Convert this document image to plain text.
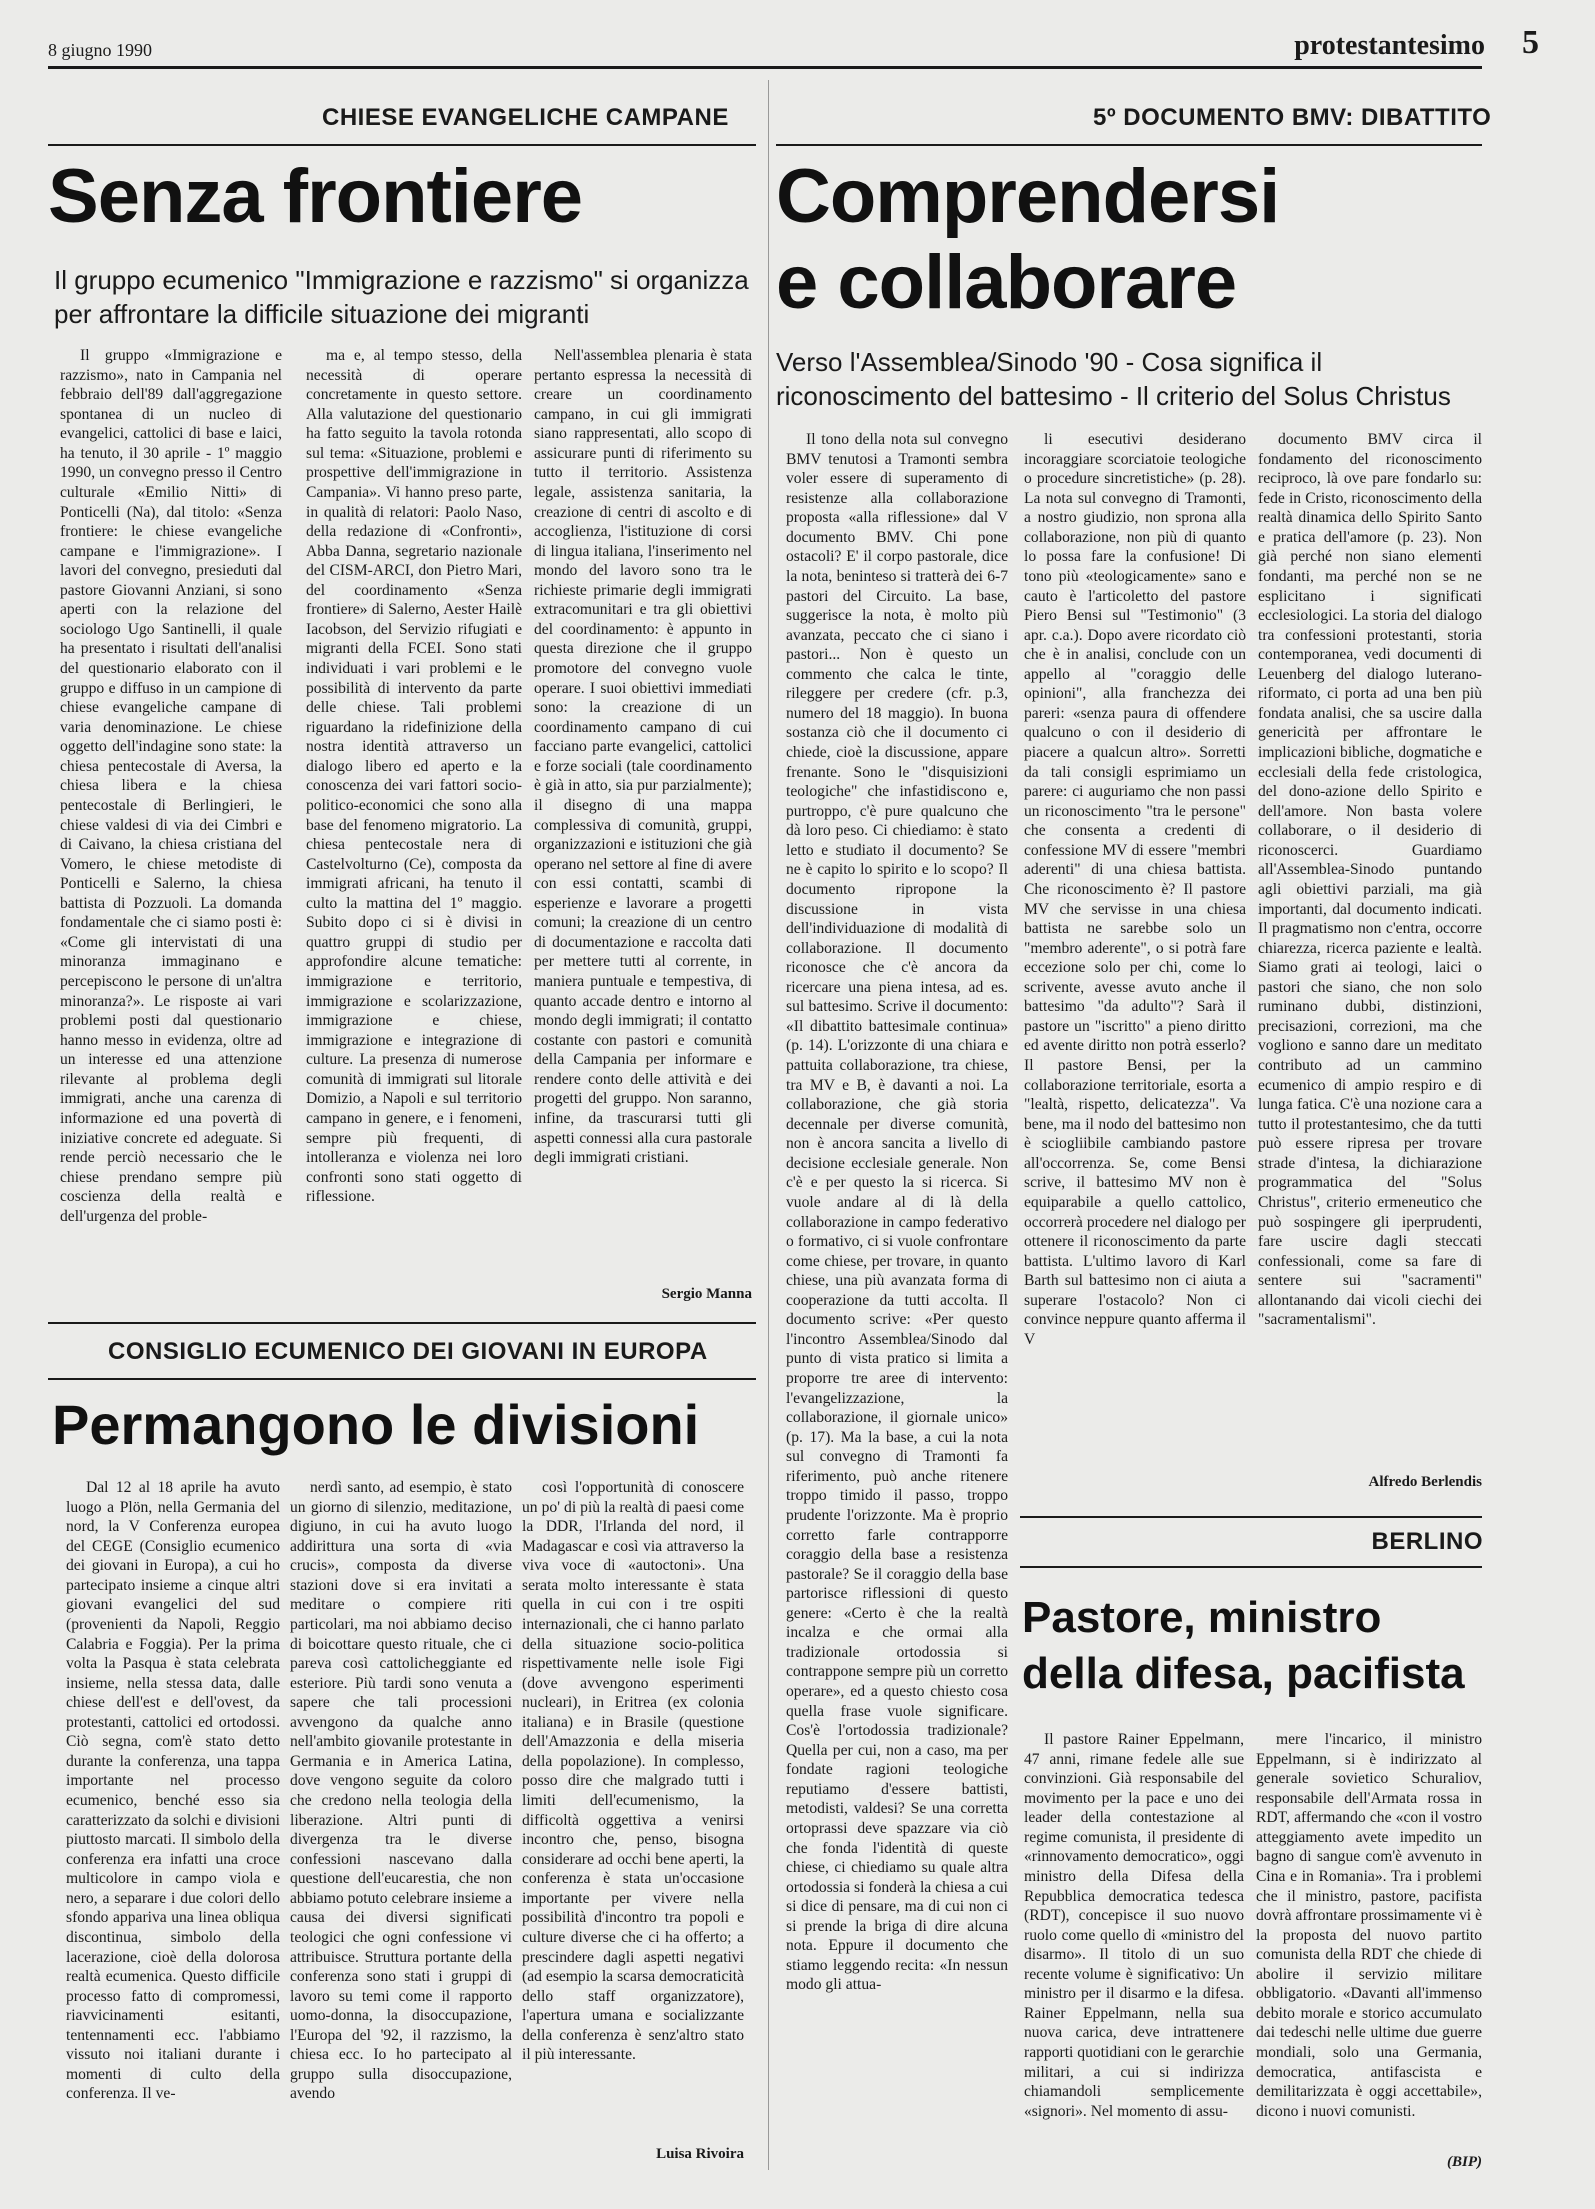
8 giugno 1990	protestantesimo 5
CHIESE EVANGELICHE CAMPANE
Senza frontiere
Il gruppo ecumenico "Immigrazione e razzismo" si organizza per affrontare la difficile situazione dei migranti

Il gruppo «Immigrazione e razzismo», nato in Campania nel febbraio dell'89 dall'aggregazione spontanea di un nucleo di evangelici, cattolici di base e laici, ha tenuto, il 30 aprile - 1º maggio 1990, un convegno presso il Centro culturale «Emilio Nitti» di Ponticelli (Na), dal titolo: «Senza frontiere: le chiese evangeliche campane e l'immigrazione». I lavori del convegno, presieduti dal pastore Giovanni Anziani, si sono aperti con la relazione del sociologo Ugo Santinelli, il quale ha presentato i risultati dell'analisi del questionario elaborato con il gruppo e diffuso in un campione di chiese evangeliche campane di varia denominazione. Le chiese oggetto dell'indagine sono state: la chiesa pentecostale di Aversa, la chiesa libera e la chiesa pentecostale di Berlingieri, le chiese valdesi di via dei Cimbri e di Caivano, la chiesa cristiana del Vomero, le chiese metodiste di Ponticelli e Salerno, la chiesa battista di Pozzuoli. La domanda fondamentale che ci siamo posti è: «Come gli intervistati di una minoranza immaginano e percepiscono le persone di un'altra minoranza?». Le risposte ai vari problemi posti dal questionario hanno messo in evidenza, oltre ad un interesse ed una attenzione rilevante al problema degli immigrati, anche una carenza di informazione ed una povertà di iniziative concrete ed adeguate. Si rende perciò necessario che le chiese prendano sempre più coscienza della realtà e dell'urgenza del proble-

ma e, al tempo stesso, della necessità di operare concretamente in questo settore. Alla valutazione del questionario ha fatto seguito la tavola rotonda sul tema: «Situazione, problemi e prospettive dell'immigrazione in Campania». Vi hanno preso parte, in qualità di relatori: Paolo Naso, della redazione di «Confronti», Abba Danna, segretario nazionale del CISM-ARCI, don Pietro Mari, del coordinamento «Senza frontiere» di Salerno, Aester Hailè Iacobson, del Servizio rifugiati e migranti della FCEI. Sono stati individuati i vari problemi e le possibilità di intervento da parte delle chiese. Tali problemi riguardano la ridefinizione della nostra identità attraverso un dialogo libero ed aperto e la conoscenza dei vari fattori socio-politico-economici che sono alla base del fenomeno migratorio. La chiesa pentecostale nera di Castelvolturno (Ce), composta da immigrati africani, ha tenuto il culto la mattina del 1º maggio. Subito dopo ci si è divisi in quattro gruppi di studio per approfondire alcune tematiche: immigrazione e territorio, immigrazione e scolarizzazione, immigrazione e chiese, immigrazione e integrazione di culture. La presenza di numerose comunità di immigrati sul litorale Domizio, a Napoli e sul territorio campano in genere, e i fenomeni, sempre più frequenti, di intolleranza e violenza nei loro confronti sono stati oggetto di riflessione.

Nell'assemblea plenaria è stata pertanto espressa la necessità di creare un coordinamento campano, in cui gli immigrati siano rappresentati, allo scopo di assicurare punti di riferimento su tutto il territorio. Assistenza legale, assistenza sanitaria, la creazione di centri di ascolto e di accoglienza, l'istituzione di corsi di lingua italiana, l'inserimento nel mondo del lavoro sono tra le richieste primarie degli immigrati extracomunitari e tra gli obiettivi del coordinamento: è appunto in questa direzione che il gruppo promotore del convegno vuole operare. I suoi obiettivi immediati sono: la creazione di un coordinamento campano di cui facciano parte evangelici, cattolici e forze sociali (tale coordinamento è già in atto, sia pur parzialmente); il disegno di una mappa complessiva di comunità, gruppi, organizzazioni e istituzioni che già operano nel settore al fine di avere con essi contatti, scambi di esperienze e lavorare a progetti comuni; la creazione di un centro di documentazione e raccolta dati per mettere tutti al corrente, in maniera puntuale e tempestiva, di quanto accade dentro e intorno al mondo degli immigrati; il contatto costante con pastori e comunità della Campania per informare e rendere conto delle attività e dei progetti del gruppo. Non saranno, infine, da trascurarsi tutti gli aspetti connessi alla cura pastorale degli immigrati cristiani.

Sergio Manna
CONSIGLIO ECUMENICO DEI GIOVANI IN EUROPA
Permangono le divisioni

Dal 12 al 18 aprile ha avuto luogo a Plön, nella Germania del nord, la V Conferenza europea del CEGE (Consiglio ecumenico dei giovani in Europa), a cui ho partecipato insieme a cinque altri giovani evangelici del sud (provenienti da Napoli, Reggio Calabria e Foggia). Per la prima volta la Pasqua è stata celebrata insieme, nella stessa data, dalle chiese dell'est e dell'ovest, da protestanti, cattolici ed ortodossi. Ciò segna, com'è stato detto durante la conferenza, una tappa importante nel processo ecumenico, benché esso sia caratterizzato da solchi e divisioni piuttosto marcati. Il simbolo della conferenza era infatti una croce multicolore in campo viola e nero, a separare i due colori dello sfondo appariva una linea obliqua discontinua, simbolo della lacerazione, cioè della dolorosa realtà ecumenica. Questo difficile processo fatto di compromessi, riavvicinamenti esitanti, tentennamenti ecc. l'abbiamo vissuto noi italiani durante i momenti di culto della conferenza. Il ve-

nerdì santo, ad esempio, è stato un giorno di silenzio, meditazione, digiuno, in cui ha avuto luogo addirittura una sorta di «via crucis», composta da diverse stazioni dove si era invitati a meditare o compiere riti particolari, ma noi abbiamo deciso di boicottare questo rituale, che ci pareva così cattolicheggiante ed esteriore. Più tardi sono venuta a sapere che tali processioni avvengono da qualche anno nell'ambito giovanile protestante in Germania e in America Latina, dove vengono seguite da coloro che credono nella teologia della liberazione. Altri punti di divergenza tra le diverse confessioni nascevano dalla questione dell'eucarestia, che non abbiamo potuto celebrare insieme a causa dei diversi significati teologici che ogni confessione vi attribuisce. Struttura portante della conferenza sono stati i gruppi di lavoro su temi come il rapporto uomo-donna, la disoccupazione, l'Europa del '92, il razzismo, la chiesa ecc. Io ho partecipato al gruppo sulla disoccupazione, avendo

così l'opportunità di conoscere un po' di più la realtà di paesi come la DDR, l'Irlanda del nord, il Madagascar e così via attraverso la viva voce di «autoctoni». Una serata molto interessante è stata quella in cui con i tre ospiti internazionali, che ci hanno parlato della situazione socio-politica rispettivamente nelle isole Figi (dove avvengono esperimenti nucleari), in Eritrea (ex colonia italiana) e in Brasile (questione dell'Amazzonia e della miseria della popolazione). In complesso, posso dire che malgrado tutti i limiti dell'ecumenismo, la difficoltà oggettiva a venirsi incontro che, penso, bisogna considerare ad occhi bene aperti, la conferenza è stata un'occasione importante per vivere nella possibilità d'incontro tra popoli e culture diverse che ci ha offerto; a prescindere dagli aspetti negativi (ad esempio la scarsa democraticità dello staff organizzatore), l'apertura umana e socializzante della conferenza è senz'altro stato il più interessante.

Luisa Rivoira
5º DOCUMENTO BMV: DIBATTITO
Comprendersi
e collaborare
Verso l'Assemblea/Sinodo '90 - Cosa significa il riconoscimento del battesimo - Il criterio del Solus Christus

Il tono della nota sul convegno BMV tenutosi a Tramonti sembra voler essere di superamento di resistenze alla collaborazione proposta «alla riflessione» dal V documento BMV. Chi pone ostacoli? E' il corpo pastorale, dice la nota, beninteso si tratterà dei 6-7 pastori del Circuito. La base, suggerisce la nota, è molto più avanzata, peccato che ci siano i pastori... Non è questo un commento che calca le tinte, rileggere per credere (cfr. p.3, numero del 18 maggio). In buona sostanza ciò che il documento ci chiede, cioè la discussione, appare frenante. Sono le "disquisizioni teologiche" che infastidiscono e, purtroppo, c'è pure qualcuno che dà loro peso. Ci chiediamo: è stato letto e studiato il documento? Se ne è capito lo spirito e lo scopo? Il documento ripropone la discussione in vista dell'individuazione di modalità di collaborazione. Il documento riconosce che c'è ancora da ricercare una piena intesa, ad es. sul battesimo. Scrive il documento: «Il dibattito battesimale continua» (p. 14). L'orizzonte di una chiara e pattuita collaborazione, tra chiese, tra MV e B, è davanti a noi. La collaborazione, che già storia decennale per diverse comunità, non è ancora sancita a livello di decisione ecclesiale generale. Non c'è e per questo la si ricerca. Si vuole andare al di là della collaborazione in campo federativo o formativo, ci si vuole confrontare come chiese, per trovare, in quanto chiese, una più avanzata forma di cooperazione da tutti accolta. Il documento scrive: «Per questo l'incontro Assemblea/Sinodo dal punto di vista pratico si limita a proporre tre aree di intervento: l'evangelizzazione, la collaborazione, il giornale unico» (p. 17). Ma la base, a cui la nota sul convegno di Tramonti fa riferimento, può anche ritenere troppo timido il passo, troppo prudente l'orizzonte. Ma è proprio corretto farle contrapporre coraggio della base a resistenza pastorale? Se il coraggio della base partorisce riflessioni di questo genere: «Certo è che la realtà incalza e che ormai alla tradizionale ortodossia si contrappone sempre più un corretto operare», ed a questo chiesto cosa quella frase vuole significare. Cos'è l'ortodossia tradizionale? Quella per cui, non a caso, ma per fondate ragioni teologiche reputiamo d'essere battisti, metodisti, valdesi? Se una corretta ortoprassi deve spazzare via ciò che fonda l'identità di queste chiese, ci chiediamo su quale altra ortodossia si fonderà la chiesa a cui si dice di pensare, ma di cui non ci si prende la briga di dire alcuna nota. Eppure il documento che stiamo leggendo recita: «In nessun modo gli attua-

li esecutivi desiderano incoraggiare scorciatoie teologiche o procedure sincretistiche» (p. 28). La nota sul convegno di Tramonti, a nostro giudizio, non sprona alla collaborazione, non più di quanto lo possa fare la confusione! Di tono più «teologicamente» sano e cauto è l'articoletto del pastore Piero Bensi sul "Testimonio" (3 apr. c.a.). Dopo avere ricordato ciò che è in analisi, conclude con un appello al "coraggio delle opinioni", alla franchezza dei pareri: «senza paura di offendere qualcuno o con il desiderio di piacere a qualcun altro». Sorretti da tali consigli esprimiamo un parere: ci auguriamo che non passi un riconoscimento "tra le persone" che consenta a credenti di confessione MV di essere "membri aderenti" di una chiesa battista. Che riconoscimento è? Il pastore MV che servisse in una chiesa battista ne sarebbe solo un "membro aderente", o si potrà fare eccezione solo per chi, come lo scrivente, avesse avuto anche il battesimo "da adulto"? Sarà il pastore un "iscritto" a pieno diritto ed avente diritto non potrà esserlo? Il pastore Bensi, per la collaborazione territoriale, esorta a "lealtà, rispetto, delicatezza". Va bene, ma il nodo del battesimo non è sciogliibile cambiando pastore all'occorrenza. Se, come Bensi scrive, il battesimo MV non è equiparabile a quello cattolico, occorrerà procedere nel dialogo per ottenere il riconoscimento da parte battista. L'ultimo lavoro di Karl Barth sul battesimo non ci aiuta a superare l'ostacolo? Non ci convince neppure quanto afferma il V

documento BMV circa il fondamento del riconoscimento reciproco, là ove pare fondarlo su: fede in Cristo, riconoscimento della realtà dinamica dello Spirito Santo e pratica dell'amore (p. 23). Non già perché non siano elementi fondanti, ma perché non se ne esplicitano i significati ecclesiologici. La storia del dialogo tra confessioni protestanti, storia contemporanea, vedi documenti di Leuenberg del dialogo luterano-riformato, ci porta ad una ben più fondata analisi, che sa uscire dalla genericità per affrontare le implicazioni bibliche, dogmatiche e ecclesiali della fede cristologica, del dono-azione dello Spirito e dell'amore. Non basta volere collaborare, o il desiderio di riconoscerci. Guardiamo all'Assemblea-Sinodo puntando agli obiettivi parziali, ma già importanti, dal documento indicati. Il pragmatismo non c'entra, occorre chiarezza, ricerca paziente e lealtà. Siamo grati ai teologi, laici o pastori che siano, che non solo ruminano dubbi, distinzioni, precisazioni, correzioni, ma che vogliono e sanno dare un meditato contributo ad un cammino ecumenico di ampio respiro e di lunga fatica. C'è una nozione cara a tutto il protestantesimo, che da tutti può essere ripresa per trovare strade d'intesa, la dichiarazione programmatica del "Solus Christus", criterio ermeneutico che può sospingere gli iperprudenti, fare uscire dagli steccati confessionali, come sa fare di sentere sui "sacramenti" allontanando dai vicoli ciechi dei "sacramentalismi".

Alfredo Berlendis
BERLINO
Pastore, ministro
della difesa, pacifista

Il pastore Rainer Eppelmann, 47 anni, rimane fedele alle sue convinzioni. Già responsabile del movimento per la pace e uno dei leader della contestazione al regime comunista, il presidente di «rinnovamento democratico», oggi ministro della Difesa della Repubblica democratica tedesca (RDT), concepisce il suo nuovo ruolo come quello di «ministro del disarmo». Il titolo di un suo recente volume è significativo: Un ministro per il disarmo e la difesa. Rainer Eppelmann, nella sua nuova carica, deve intrattenere rapporti quotidiani con le gerarchie militari, a cui si indirizza chiamandoli semplicemente «signori». Nel momento di assu-

mere l'incarico, il ministro Eppelmann, si è indirizzato al generale sovietico Schuraliov, responsabile dell'Armata rossa in RDT, affermando che «con il vostro atteggiamento avete impedito un bagno di sangue com'è avvenuto in Cina e in Romania». Tra i problemi che il ministro, pastore, pacifista dovrà affrontare prossimamente vi è la proposta del nuovo partito comunista della RDT che chiede di abolire il servizio militare obbligatorio. «Davanti all'immenso debito morale e storico accumulato dai tedeschi nelle ultime due guerre mondiali, solo una Germania, democratica, antifascista e demilitarizzata è oggi accettabile», dicono i nuovi comunisti.

(BIP)
